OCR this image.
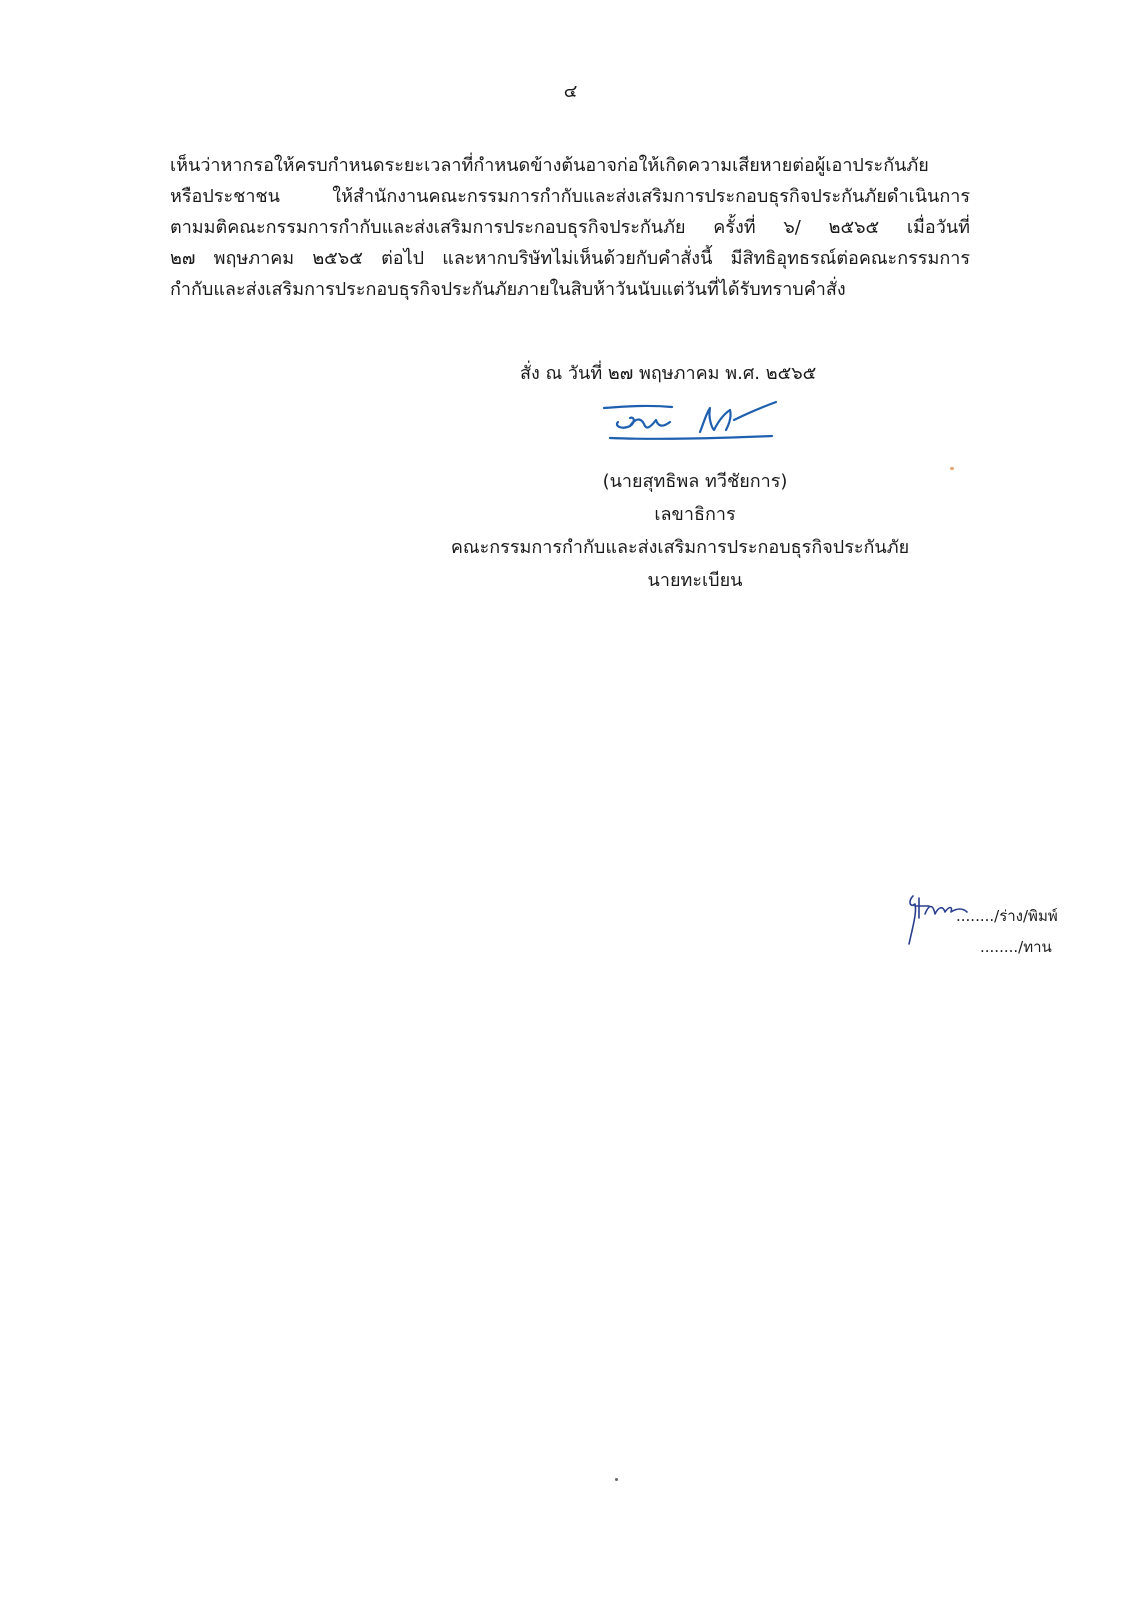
๔
เห็นว่าหากรอให้ครบกำหนดระยะเวลาที่กำหนดข้างต้นอาจก่อให้เกิดความเสียหายต่อผู้เอาประกันภัย
หรือประชาชน ให้สำนักงานคณะกรรมการกำกับและส่งเสริมการประกอบธุรกิจประกันภัยดำเนินการ
ตามมติคณะกรรมการกำกับและส่งเสริมการประกอบธุรกิจประกันภัย ครั้งที่ ๖/ ๒๕๖๕ เมื่อวันที่
๒๗ พฤษภาคม ๒๕๖๕ ต่อไป และหากบริษัทไม่เห็นด้วยกับคำสั่งนี้ มีสิทธิอุทธรณ์ต่อคณะกรรมการ
กำกับและส่งเสริมการประกอบธุรกิจประกันภัยภายในสิบห้าวันนับแต่วันที่ได้รับทราบคำสั่ง
สั่ง ณ วันที่ ๒๗ พฤษภาคม พ.ศ. ๒๕๖๕
(นายสุทธิพล ทวีชัยการ)
เลขาธิการ
คณะกรรมการกำกับและส่งเสริมการประกอบธุรกิจประกันภัย
นายทะเบียน
......../ร่าง/พิมพ์
......../ทาน
